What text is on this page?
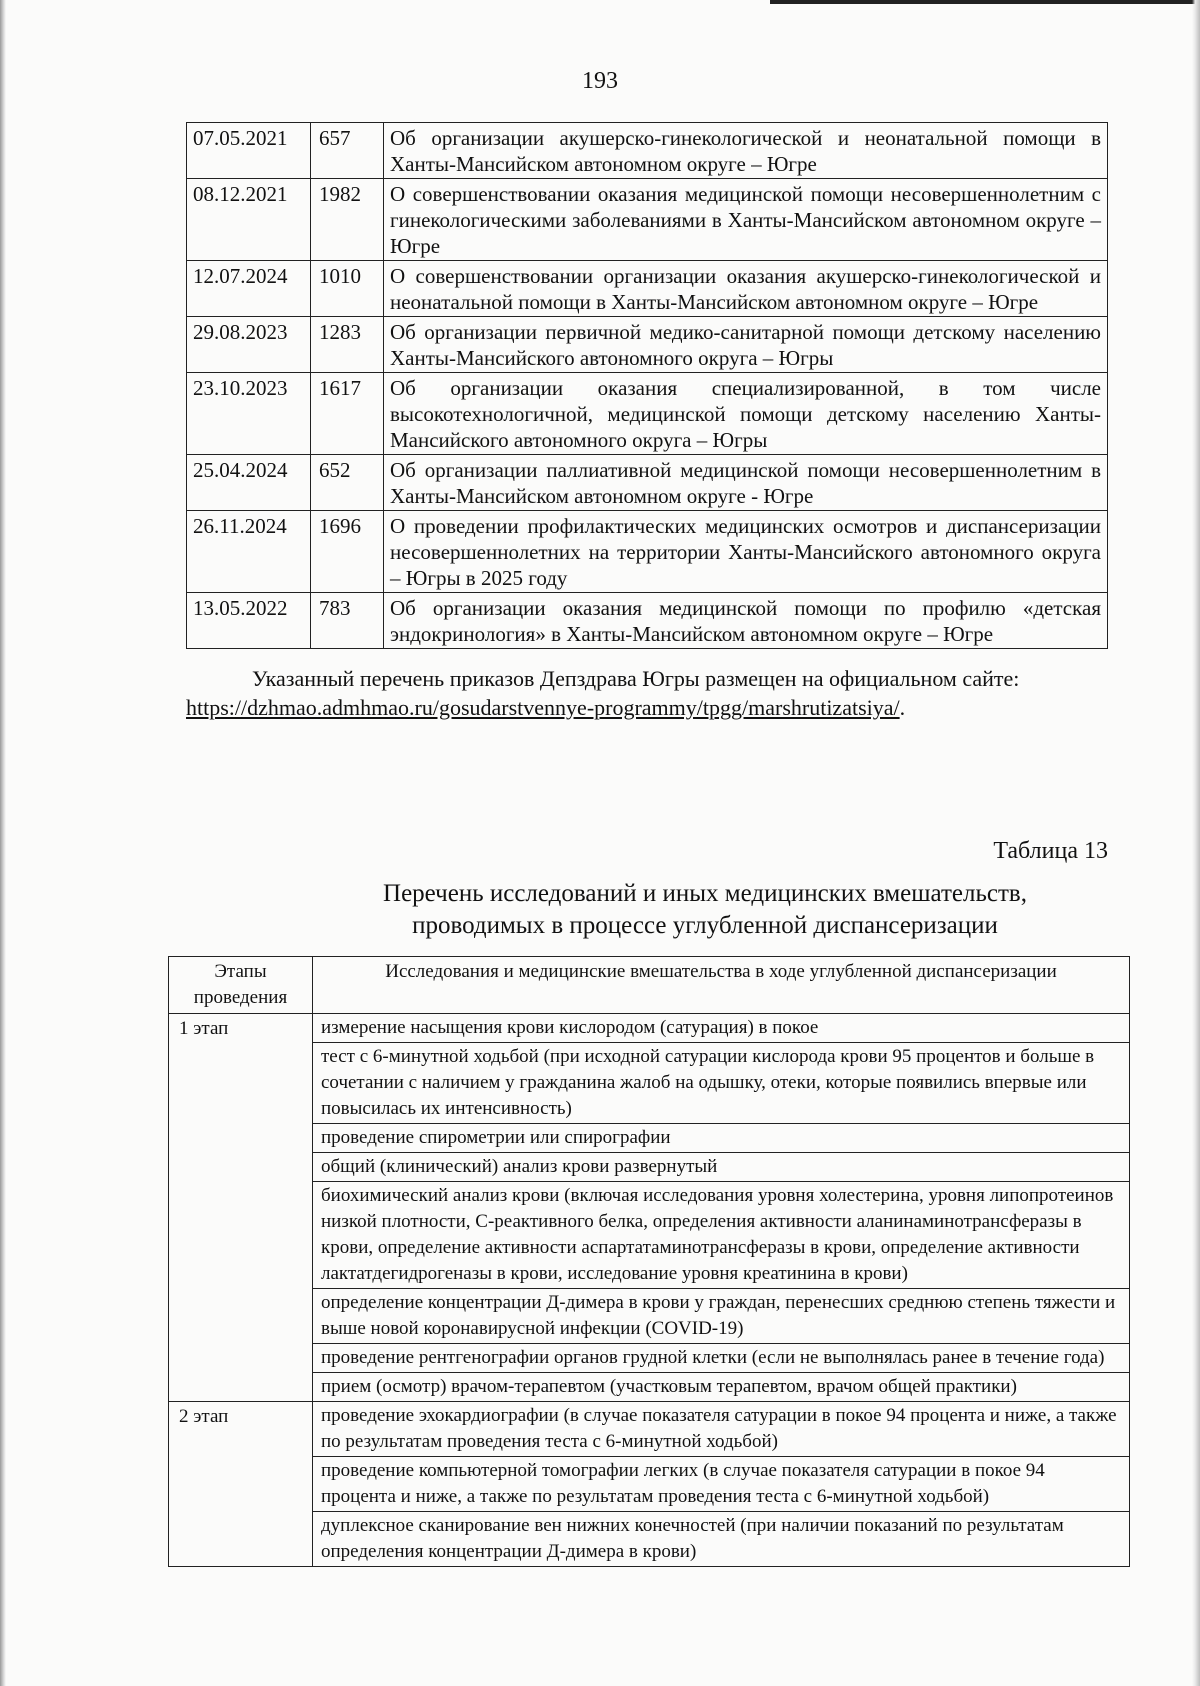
193
07.05.2021	657	Об организации акушерско-гинекологической и неонатальной помощи в Ханты-Мансийском автономном округе – Югре
08.12.2021	1982	О совершенствовании оказания медицинской помощи несовершеннолетним с гинекологическими заболеваниями в Ханты-Мансийском автономном округе – Югре
12.07.2024	1010	О совершенствовании организации оказания акушерско-гинекологической и неонатальной помощи в Ханты-Мансийском автономном округе – Югре
29.08.2023	1283	Об организации первичной медико-санитарной помощи детскому населению Ханты-Мансийского автономного округа – Югры
23.10.2023	1617	Об организации оказания специализированной, в том числе высокотехнологичной, медицинской помощи детскому населению Ханты-Мансийского автономного округа – Югры
25.04.2024	652	Об организации паллиативной медицинской помощи несовершеннолетним в Ханты-Мансийском автономном округе - Югре
26.11.2024	1696	О проведении профилактических медицинских осмотров и диспансеризации несовершеннолетних на территории Ханты-Мансийского автономного округа – Югры в 2025 году
13.05.2022	783	Об организации оказания медицинской помощи по профилю «детская эндокринология» в Ханты-Мансийском автономном округе – Югре
Указанный перечень приказов Депздрава Югры размещен на официальном сайте:
https://dzhmao.admhmao.ru/gosudarstvennye-programmy/tpgg/marshrutizatsiya/.
Таблица 13
Перечень исследований и иных медицинских вмешательств,
проводимых в процессе углубленной диспансеризации
Этапы проведения	Исследования и медицинские вмешательства в ходе углубленной диспансеризации
1 этап	измерение насыщения крови кислородом (сатурация) в покое
	тест с 6-минутной ходьбой (при исходной сатурации кислорода крови 95 процентов и больше в сочетании с наличием у гражданина жалоб на одышку, отеки, которые появились впервые или повысилась их интенсивность)
	проведение спирометрии или спирографии
	общий (клинический) анализ крови развернутый
	биохимический анализ крови (включая исследования уровня холестерина, уровня липопротеинов низкой плотности, С-реактивного белка, определения активности аланинаминотрансферазы в крови, определение активности аспартатаминотрансферазы в крови, определение активности лактатдегидрогеназы в крови, исследование уровня креатинина в крови)
	определение концентрации Д-димера в крови у граждан, перенесших среднюю степень тяжести и выше новой коронавирусной инфекции (COVID-19)
	проведение рентгенографии органов грудной клетки (если не выполнялась ранее в течение года)
	прием (осмотр) врачом-терапевтом (участковым терапевтом, врачом общей практики)
2 этап	проведение эхокардиографии (в случае показателя сатурации в покое 94 процента и ниже, а также по результатам проведения теста с 6-минутной ходьбой)
	проведение компьютерной томографии легких (в случае показателя сатурации в покое 94 процента и ниже, а также по результатам проведения теста с 6-минутной ходьбой)
	дуплексное сканирование вен нижних конечностей (при наличии показаний по результатам определения концентрации Д-димера в крови)
